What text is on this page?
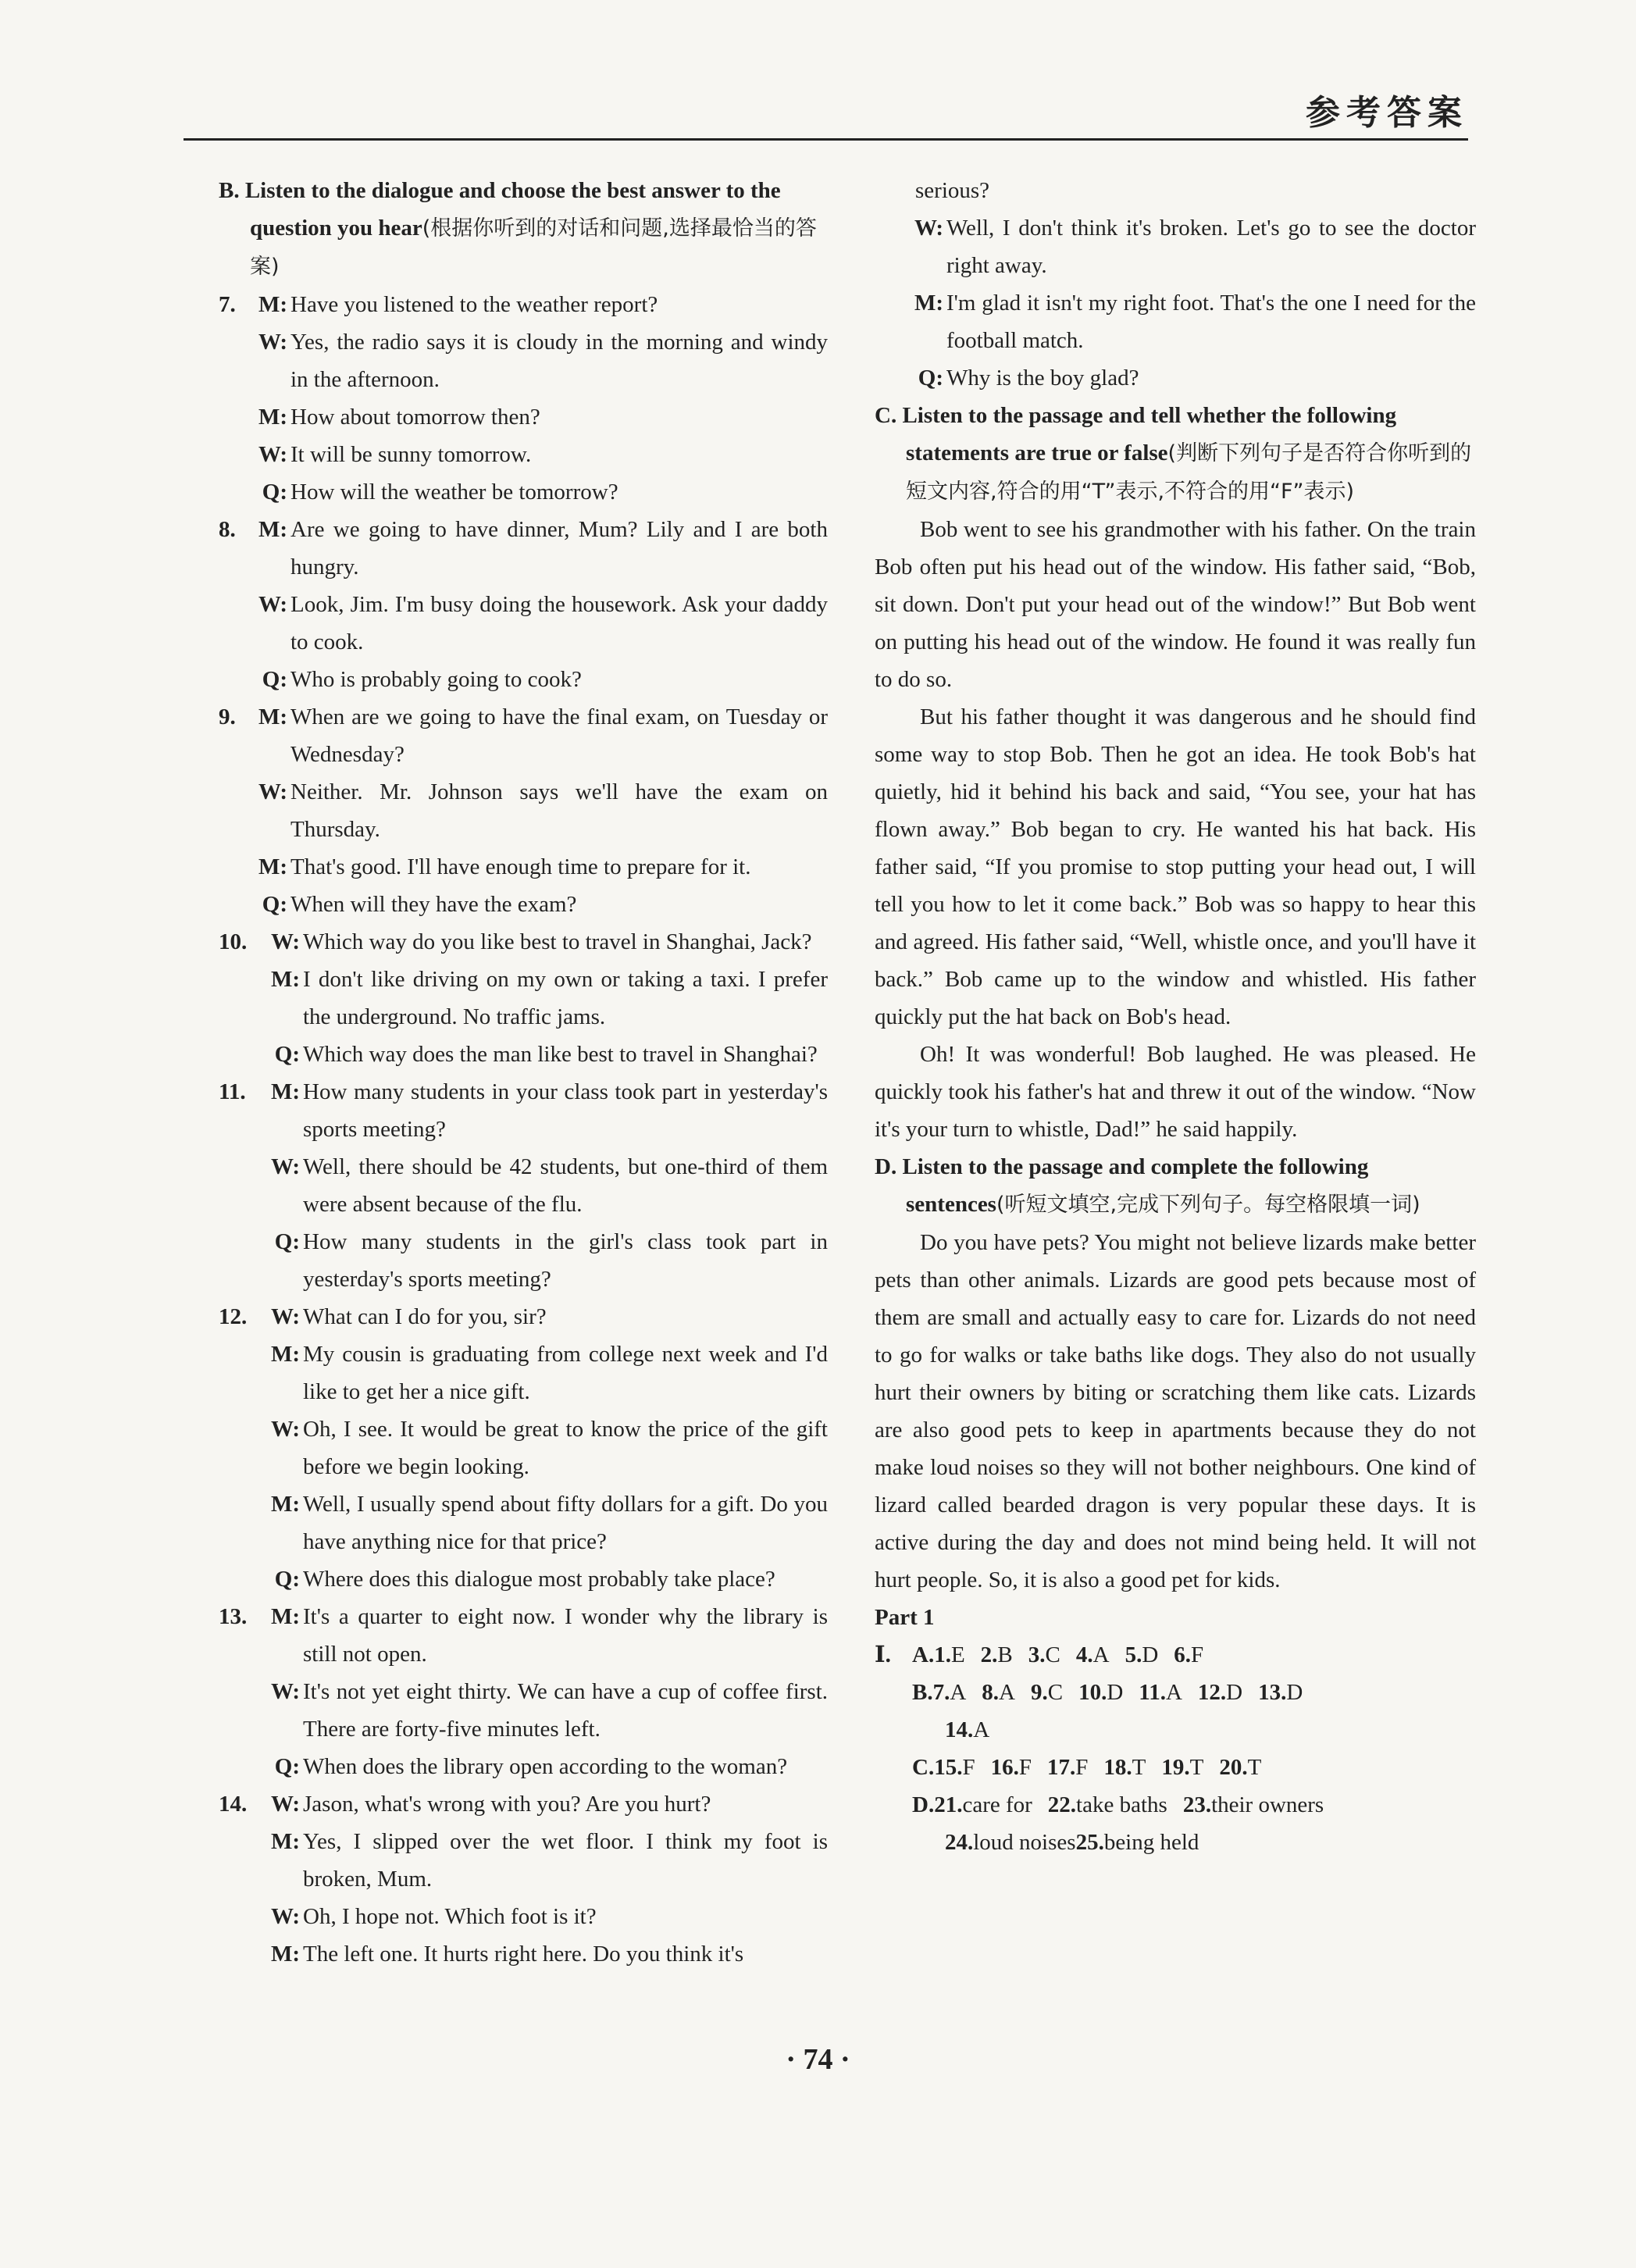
参考答案
B. Listen to the dialogue and choose the best answer to the question you hear(根据你听到的对话和问题,选择最恰当的答案)
7.	M: Have you listened to the weather report?
W: Yes, the radio says it is cloudy in the morning and windy in the afternoon.
M: How about tomorrow then?
W: It will be sunny tomorrow.
Q: How will the weather be tomorrow?
8.	M: Are we going to have dinner, Mum? Lily and I are both hungry.
W: Look, Jim. I'm busy doing the housework. Ask your daddy to cook.
Q: Who is probably going to cook?
9.	M: When are we going to have the final exam, on Tuesday or Wednesday?
W: Neither. Mr. Johnson says we'll have the exam on Thursday.
M: That's good. I'll have enough time to prepare for it.
Q: When will they have the exam?
10.	W: Which way do you like best to travel in Shanghai, Jack?
M: I don't like driving on my own or taking a taxi. I prefer the underground. No traffic jams.
Q: Which way does the man like best to travel in Shanghai?
11.	M: How many students in your class took part in yesterday's sports meeting?
W: Well, there should be 42 students, but one-third of them were absent because of the flu.
Q: How many students in the girl's class took part in yesterday's sports meeting?
12.	W: What can I do for you, sir?
M: My cousin is graduating from college next week and I'd like to get her a nice gift.
W: Oh, I see. It would be great to know the price of the gift before we begin looking.
M: Well, I usually spend about fifty dollars for a gift. Do you have anything nice for that price?
Q: Where does this dialogue most probably take place?
13.	M: It's a quarter to eight now. I wonder why the library is still not open.
W: It's not yet eight thirty. We can have a cup of coffee first. There are forty-five minutes left.
Q: When does the library open according to the woman?
14.	W: Jason, what's wrong with you? Are you hurt?
M: Yes, I slipped over the wet floor. I think my foot is broken, Mum.
W: Oh, I hope not. Which foot is it?
M: The left one. It hurts right here. Do you think it's
serious?
W: Well, I don't think it's broken. Let's go to see the doctor right away.
M: I'm glad it isn't my right foot. That's the one I need for the football match.
Q: Why is the boy glad?
C. Listen to the passage and tell whether the following statements are true or false(判断下列句子是否符合你听到的短文内容,符合的用“T”表示,不符合的用“F”表示)
Bob went to see his grandmother with his father. On the train Bob often put his head out of the window. His father said, “Bob, sit down. Don't put your head out of the window!” But Bob went on putting his head out of the window. He found it was really fun to do so.
But his father thought it was dangerous and he should find some way to stop Bob. Then he got an idea. He took Bob's hat quietly, hid it behind his back and said, “You see, your hat has flown away.” Bob began to cry. He wanted his hat back. His father said, “If you promise to stop putting your head out, I will tell you how to let it come back.” Bob was so happy to hear this and agreed. His father said, “Well, whistle once, and you'll have it back.” Bob came up to the window and whistled. His father quickly put the hat back on Bob's head.
Oh! It was wonderful! Bob laughed. He was pleased. He quickly took his father's hat and threw it out of the window. “Now it's your turn to whistle, Dad!” he said happily.
D. Listen to the passage and complete the following sentences(听短文填空,完成下列句子。每空格限填一词)
Do you have pets? You might not believe lizards make better pets than other animals. Lizards are good pets because most of them are small and actually easy to care for. Lizards do not need to go for walks or take baths like dogs. They also do not usually hurt their owners by biting or scratching them like cats. Lizards are also good pets to keep in apartments because they do not make loud noises so they will not bother neighbours. One kind of lizard called bearded dragon is very popular these days. It is active during the day and does not mind being held. It will not hurt people. So, it is also a good pet for kids.
Part 1
Ⅰ. A.1.E 2.B 3.C 4.A 5.D 6.F
B.7.A 8.A 9.C 10.D 11.A 12.D 13.D
14.A
C.15.F 16.F 17.F 18.T 19.T 20.T
D.21.care for 22.take baths 23.their owners
24.loud noises25.being held
· 74 ·
